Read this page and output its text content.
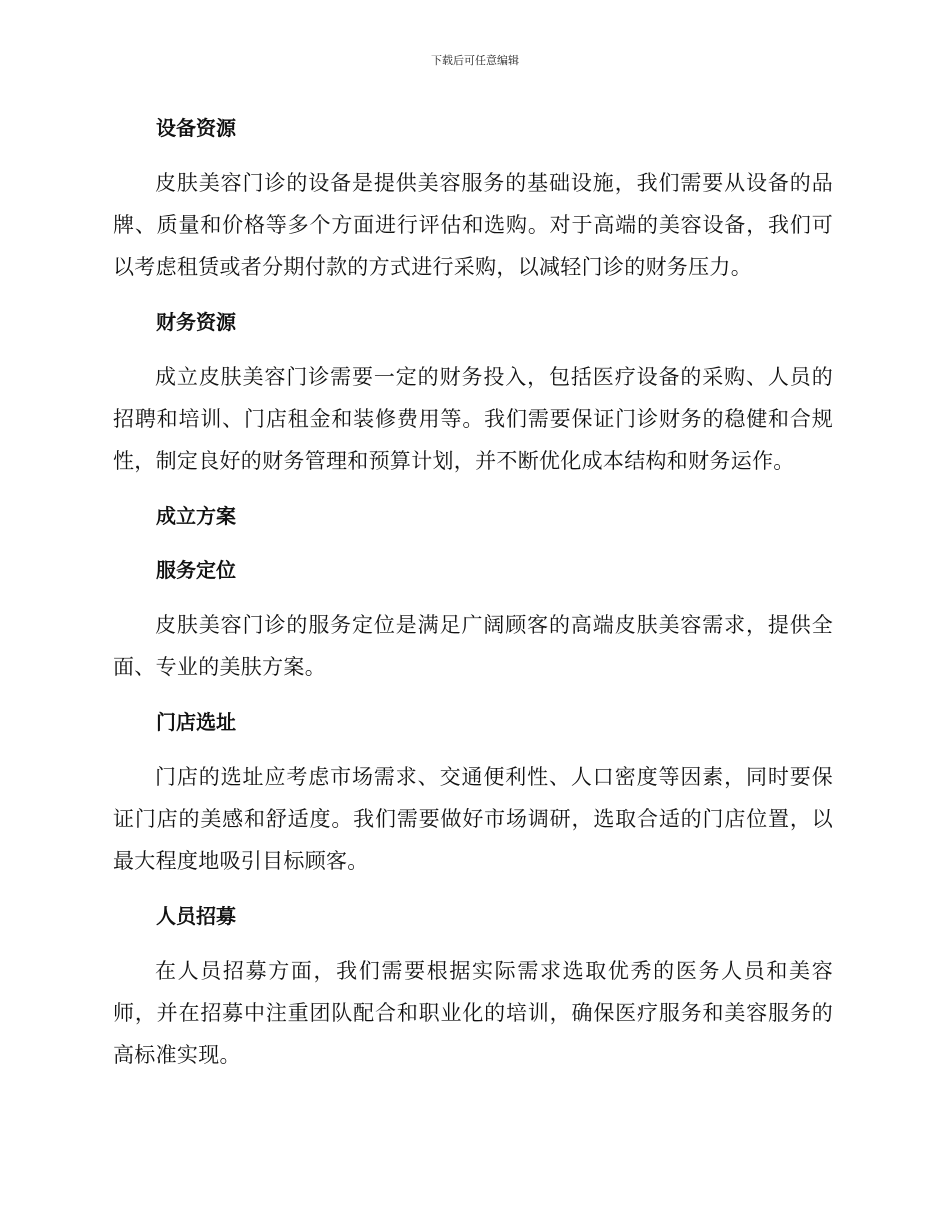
下载后可任意编辑
设备资源

皮肤美容门诊的设备是提供美容服务的基础设施，我们需要从设备的品牌、质量和价格等多个方面进行评估和选购。对于高端的美容设备，我们可以考虑租赁或者分期付款的方式进行采购，以减轻门诊的财务压力。

财务资源

成立皮肤美容门诊需要一定的财务投入，包括医疗设备的采购、人员的招聘和培训、门店租金和装修费用等。我们需要保证门诊财务的稳健和合规性，制定良好的财务管理和预算计划，并不断优化成本结构和财务运作。

成立方案
服务定位

皮肤美容门诊的服务定位是满足广阔顾客的高端皮肤美容需求，提供全面、专业的美肤方案。

门店选址

门店的选址应考虑市场需求、交通便利性、人口密度等因素，同时要保证门店的美感和舒适度。我们需要做好市场调研，选取合适的门店位置，以最大程度地吸引目标顾客。

人员招募

在人员招募方面，我们需要根据实际需求选取优秀的医务人员和美容师，并在招募中注重团队配合和职业化的培训，确保医疗服务和美容服务的高标准实现。
